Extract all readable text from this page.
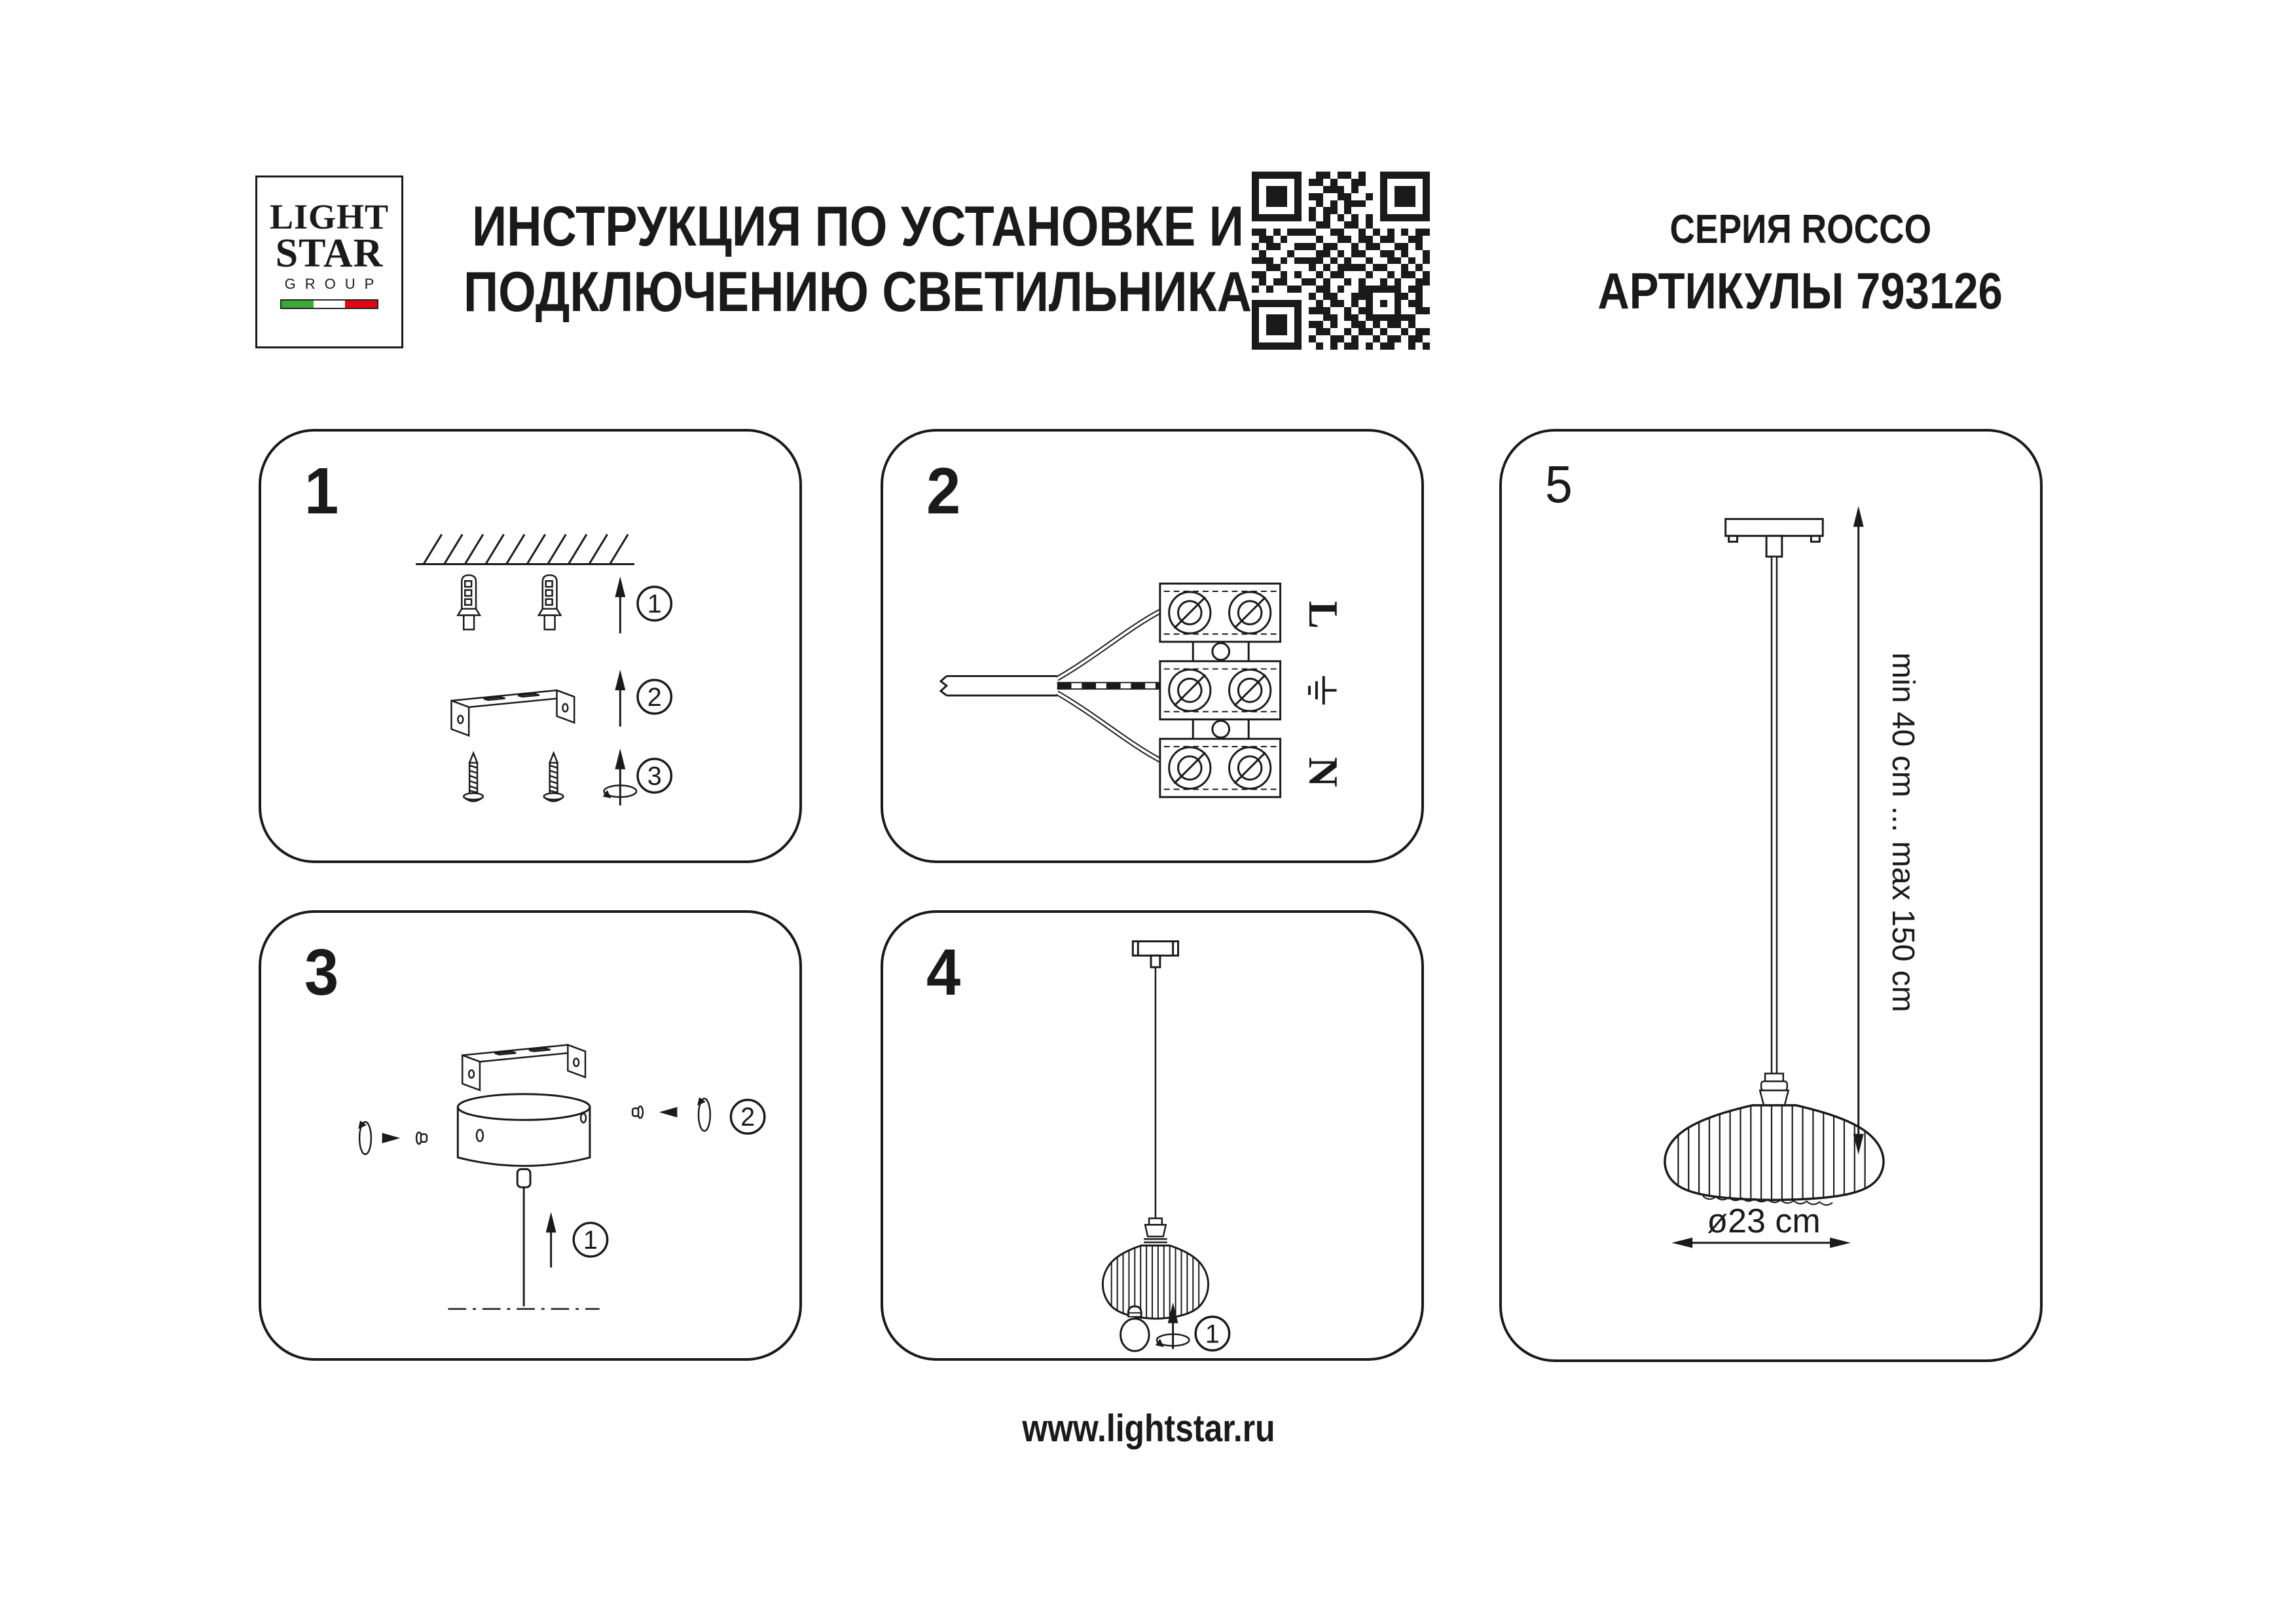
LIGHT
STAR
GROUP
ИНСТРУКЦИЯ ПО УСТАНОВКЕ И
ПОДКЛЮЧЕНИЮ СВЕТИЛЬНИКА
СЕРИЯ ROCCO
АРТИКУЛЫ 793126
1
1
2
3
2
L
N
3
1
2
4
1
5
min 40 cm ... max 150 cm
ø23 cm
www.lightstar.ru
